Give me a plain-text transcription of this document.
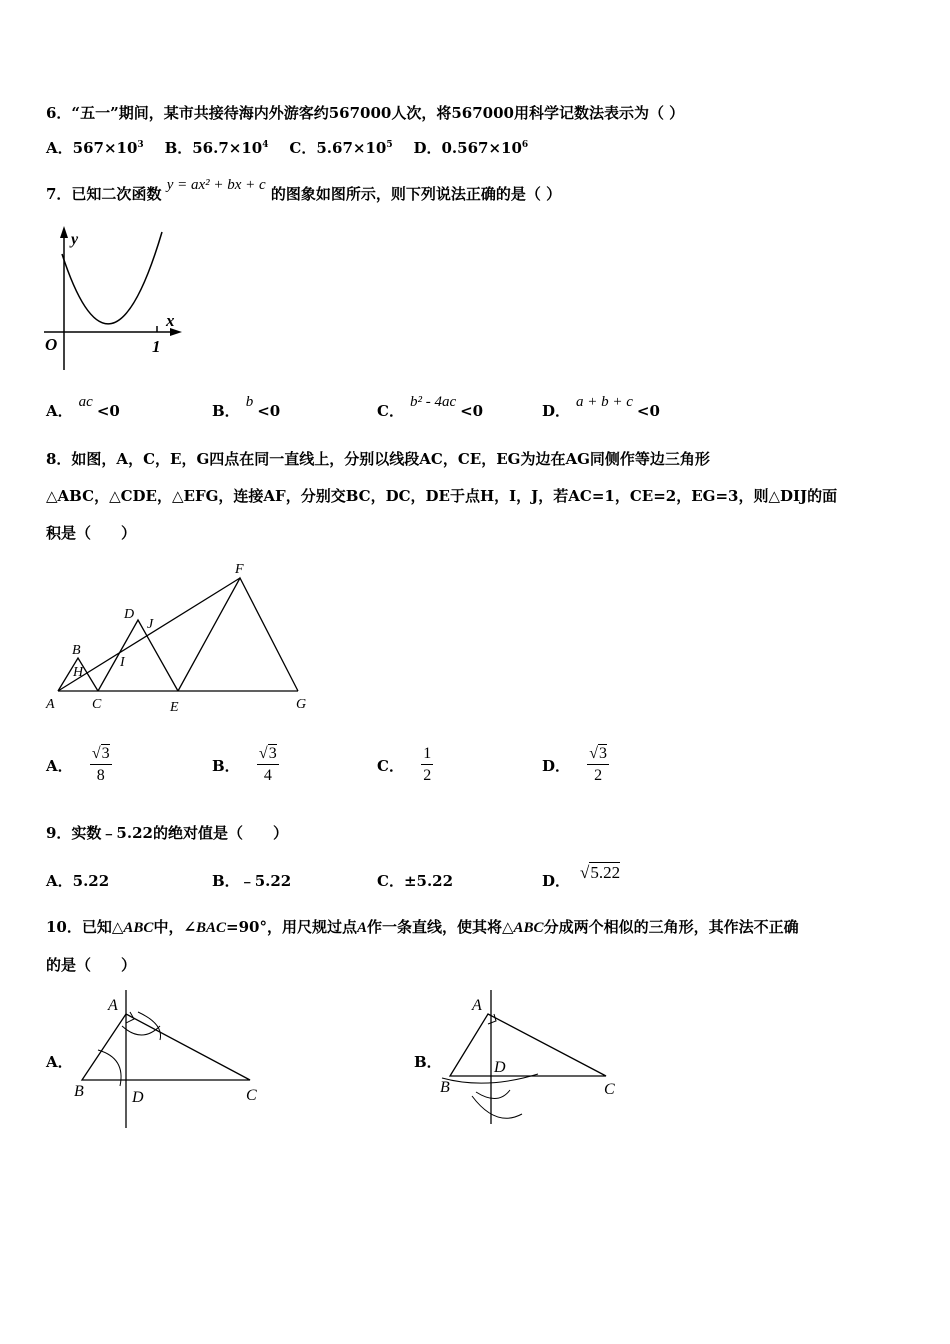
6．“五一”期间，某市共接待海内外游客约567000人次，将567000用科学记数法表示为（ ）
A．$567\times 10^3$ B．$56.7\times 10^4$ C．$5.67\times 10^5$ D．$0.567\times 10^6$
7．已知二次函数 y = ax² + bx + c 的图象如图所示，则下列说法正确的是（ ）
y
x
O	1
A． ac <0	B． b <0	C． b² - 4ac <0	D． a + b + c <0
8．如图，A，C，E，G四点在同一直线上，分别以线段AC，CE，EG为边在AG同侧作等边三角形
△ABC，△CDE，△EFG，连接AF，分别交BC，DC，DE于点H，I，J，若AC=1，CE=2，EG=3，则△DIJ的面
积是（　　）
A
B
C
D
E
F
G
H
I
J
A． $\frac{√3}{8}$	B． $\frac{√3}{4}$	C． $\frac{1}{2}$	D． $\frac{√3}{2}$
9．实数﹣5.22的绝对值是（　　）
A．5.22	B．﹣5.22	C．±5.22	D． √5.22
10．已知△ABC中，∠BAC=90°，用尺规过点A作一条直线，使其将△ABC分成两个相似的三角形，其作法不正确
的是（　　）
A．
A
B	D	C
B．
A
B
D
C
